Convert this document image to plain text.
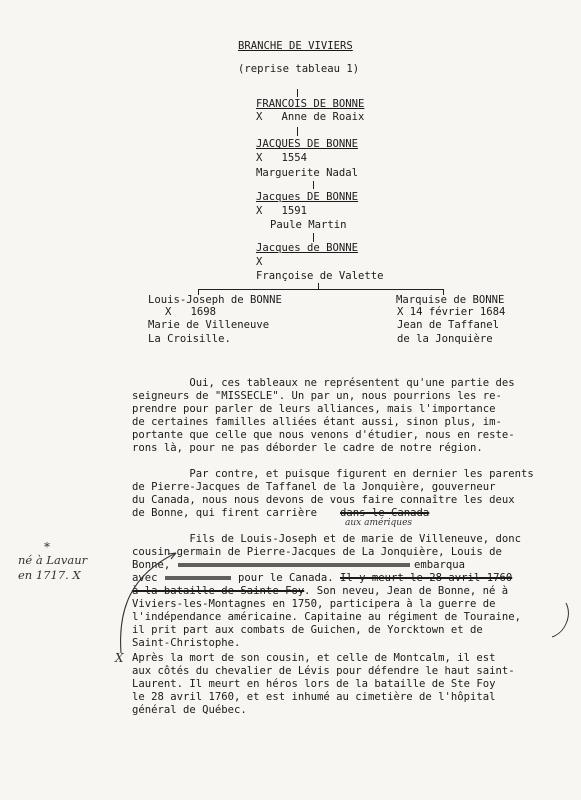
BRANCHE DE VIVIERS
(reprise tableau 1)
FRANCOIS DE BONNE
X   Anne de Roaix
JACQUES DE BONNE
X   1554
Marguerite Nadal
Jacques DE BONNE
X   1591
Paule Martin
Jacques de BONNE
X
Françoise de Valette
Louis-Joseph de BONNE
X   1698
Marie de Villeneuve
La Croisille.
Marquise de BONNE
X 14 février 1684
Jean de Taffanel
de la Jonquière
Oui, ces tableaux ne représentent qu'une partie des
seigneurs de "MISSECLE". Un par un, nous pourrions les re-
prendre pour parler de leurs alliances, mais l'importance
de certaines familles alliées étant aussi, sinon plus, im-
portante que celle que nous venons d'étudier, nous en reste-
rons là, pour ne pas déborder le cadre de notre région.
Par contre, et puisque figurent en dernier les parents
de Pierre-Jacques de Taffanel de la Jonquière, gouverneur
du Canada, nous nous devons de vous faire connaître les deux
de Bonne, qui firent carrière dans le Canada
aux amériques
Fils de Louis-Joseph et de marie de Villeneuve, donc
cousin germain de Pierre-Jacques de La Jonquière, Louis de
Bonne,	embarqua
avec	pour le Canada. Il y meurt le 28 avril 1760
à la bataille de Sainte-Foy . Son neveu, Jean de Bonne, né à
Viviers-les-Montagnes en 1750, participera à la guerre de
l'indépendance américaine. Capitaine au régiment de Touraine,
il prit part aux combats de Guichen, de Yorcktown et de
Saint-Christophe.
*
né à Lavaur
en 1717. X
X Après la mort de son cousin, et celle de Montcalm, il est
aux côtés du chevalier de Lévis pour défendre le haut saint-
Laurent. Il meurt en héros lors de la bataille de Ste Foy
le 28 avril 1760, et est inhumé au cimetière de l'hôpital
général de Québec.
